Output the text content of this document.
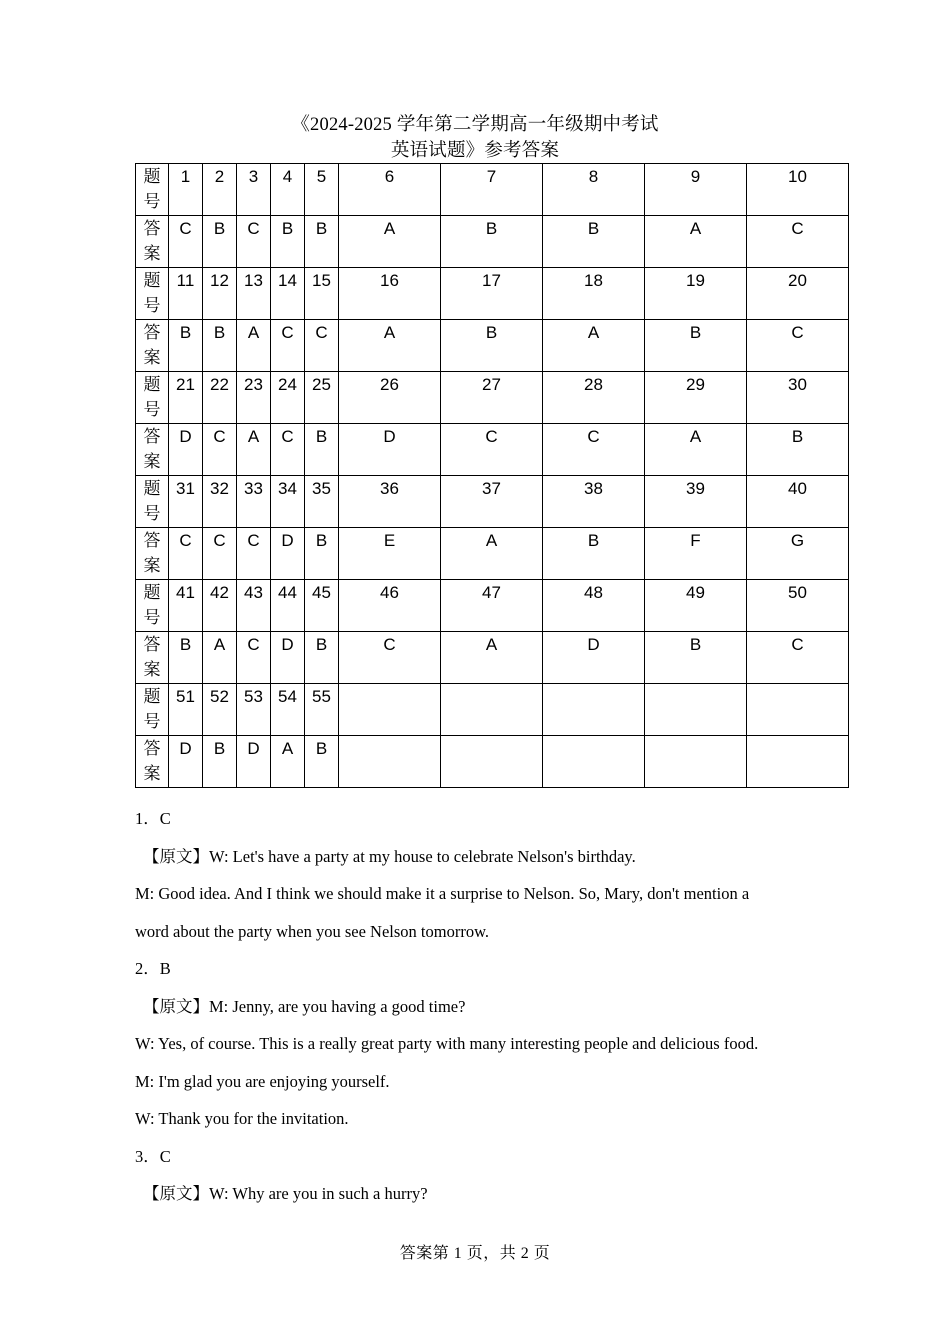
《2024-2025 学年第二学期高一年级期中考试
英语试题》参考答案
题号	1	2	3	4	5	6	7	8	9	10
答案	C	B	C	B	B	A	B	B	A	C
题号	11	12	13	14	15	16	17	18	19	20
答案	B	B	A	C	C	A	B	A	B	C
题号	21	22	23	24	25	26	27	28	29	30
答案	D	C	A	C	B	D	C	C	A	B
题号	31	32	33	34	35	36	37	38	39	40
答案	C	C	C	D	B	E	A	B	F	G
题号	41	42	43	44	45	46	47	48	49	50
答案	B	A	C	D	B	C	A	D	B	C
题号	51	52	53	54	55					
答案	D	B	D	A	B					
1．C
【原文】W: Let's have a party at my house to celebrate Nelson's birthday.
M: Good idea. And I think we should make it a surprise to Nelson. So, Mary, don't mention a
word about the party when you see Nelson tomorrow.
2．B
【原文】M: Jenny, are you having a good time?
W: Yes, of course. This is a really great party with many interesting people and delicious food.
M: I'm glad you are enjoying yourself.
W: Thank you for the invitation.
3．C
【原文】W: Why are you in such a hurry?
答案第 1 页，共 2 页
